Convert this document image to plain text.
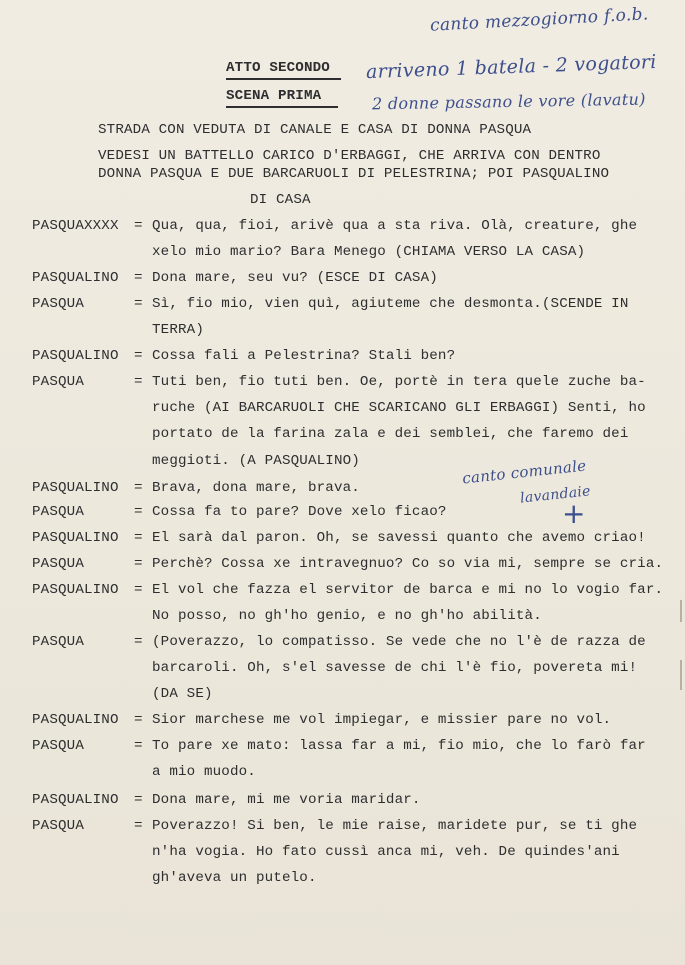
canto mezzogiorno f.o.b.
arriveno 1 batela - 2 vogatori
2 donne passano le vore (lavatu)
canto comunale
lavandaie
+
ATTO SECONDO
SCENA PRIMA
STRADA CON VEDUTA DI CANALE E CASA DI DONNA PASQUA
VEDESI UN BATTELLO CARICO D'ERBAGGI, CHE ARRIVA CON DENTRO
DONNA PASQUA E DUE BARCARUOLI DI PELESTRINA; POI PASQUALINO
DI CASA
PASQUAXXXX = Qua, qua, fioi, arivè qua a sta riva. Olà, creature, ghe
xelo mio mario? Bara Menego (CHIAMA VERSO LA CASA)
PASQUALINO = Dona mare, seu vu? (ESCE DI CASA)
PASQUA	= Sì, fio mio, vien quì, agiuteme che desmonta.(SCENDE IN
TERRA)
PASQUALINO = Cossa fali a Pelestrina? Stali ben?
PASQUA	= Tuti ben, fio tuti ben. Oe, portè in tera quele zuche ba-
ruche (AI BARCARUOLI CHE SCARICANO GLI ERBAGGI) Senti, ho
portato de la farina zala e dei semblei, che faremo dei
meggioti. (A PASQUALINO)
PASQUALINO = Brava, dona mare, brava.
PASQUA	= Cossa fa to pare? Dove xelo ficao?
PASQUALINO = El sarà dal paron. Oh, se savessi quanto che avemo criao!
PASQUA	= Perchè? Cossa xe intravegnuo? Co so via mi, sempre se cria.
PASQUALINO = El vol che fazza el servitor de barca e mi no lo vogio far.
No posso, no gh'ho genio, e no gh'ho abilità.
PASQUA	= (Poverazzo, lo compatisso. Se vede che no l'è de razza de
barcaroli. Oh, s'el savesse de chi l'è fio, povereta mi!
(DA SE)
PASQUALINO = Sior marchese me vol impiegar, e missier pare no vol.
PASQUA	= To pare xe mato: lassa far a mi, fio mio, che lo farò far
a mio muodo.
PASQUALINO = Dona mare, mi me voria maridar.
PASQUA	= Poverazzo! Si ben, le mie raise, maridete pur, se ti ghe
n'ha vogia. Ho fato cussì anca mi, veh. De quindes'ani
gh'aveva un putelo.
